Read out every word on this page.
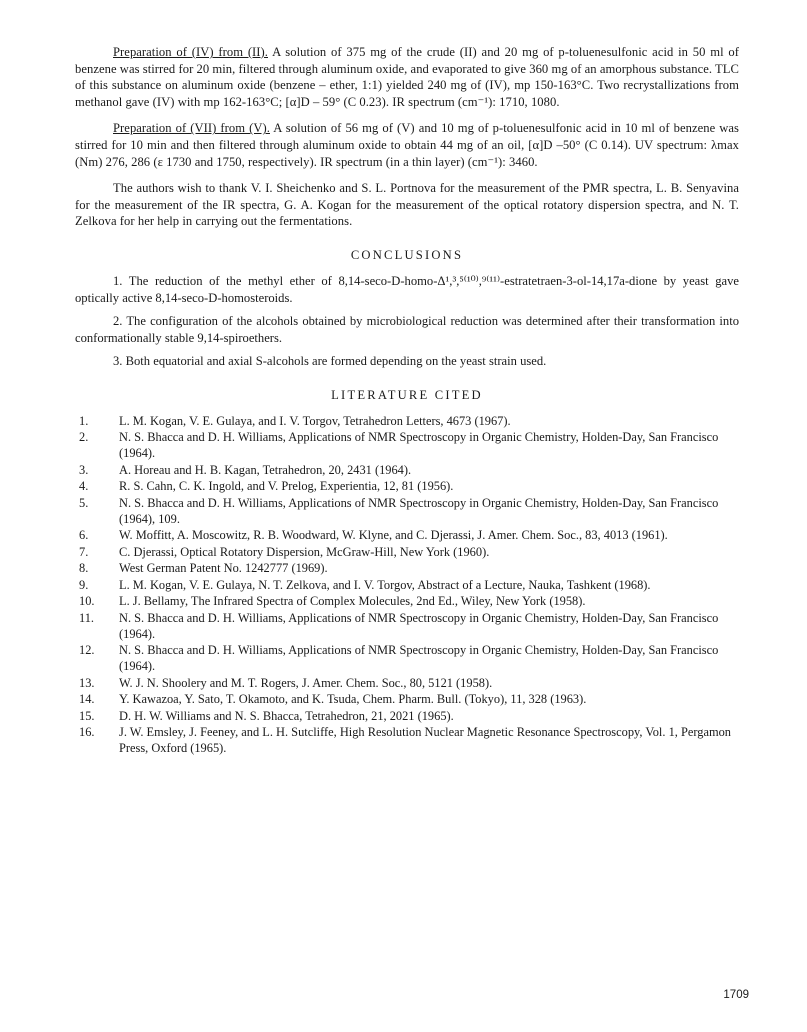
Preparation of (IV) from (II). A solution of 375 mg of the crude (II) and 20 mg of p-toluenesulfonic acid in 50 ml of benzene was stirred for 20 min, filtered through aluminum oxide, and evaporated to give 360 mg of an amorphous substance. TLC of this substance on aluminum oxide (benzene – ether, 1:1) yielded 240 mg of (IV), mp 150-163°C. Two recrystallizations from methanol gave (IV) with mp 162-163°C; [α]D – 59° (C 0.23). IR spectrum (cm⁻¹): 1710, 1080.

Preparation of (VII) from (V). A solution of 56 mg of (V) and 10 mg of p-toluenesulfonic acid in 10 ml of benzene was stirred for 10 min and then filtered through aluminum oxide to obtain 44 mg of an oil, [α]D –50° (C 0.14). UV spectrum: λmax (Nm) 276, 286 (ε 1730 and 1750, respectively). IR spectrum (in a thin layer) (cm⁻¹): 3460.

The authors wish to thank V. I. Sheichenko and S. L. Portnova for the measurement of the PMR spectra, L. B. Senyavina for the measurement of the IR spectra, G. A. Kogan for the measurement of the optical rotatory dispersion spectra, and N. T. Zelkova for her help in carrying out the fermentations.

CONCLUSIONS

1. The reduction of the methyl ether of 8,14-seco-D-homo-Δ¹,³,⁵⁽¹⁰⁾,⁹⁽¹¹⁾-estratetraen-3-ol-14,17a-dione by yeast gave optically active 8,14-seco-D-homosteroids.

2. The configuration of the alcohols obtained by microbiological reduction was determined after their transformation into conformationally stable 9,14-spiroethers.

3. Both equatorial and axial S-alcohols are formed depending on the yeast strain used.

LITERATURE CITED
1.	L. M. Kogan, V. E. Gulaya, and I. V. Torgov, Tetrahedron Letters, 4673 (1967).
2.	N. S. Bhacca and D. H. Williams, Applications of NMR Spectroscopy in Organic Chemistry, Holden-Day, San Francisco (1964).
3.	A. Horeau and H. B. Kagan, Tetrahedron, 20, 2431 (1964).
4.	R. S. Cahn, C. K. Ingold, and V. Prelog, Experientia, 12, 81 (1956).
5.	N. S. Bhacca and D. H. Williams, Applications of NMR Spectroscopy in Organic Chemistry, Holden-Day, San Francisco (1964), 109.
6.	W. Moffitt, A. Moscowitz, R. B. Woodward, W. Klyne, and C. Djerassi, J. Amer. Chem. Soc., 83, 4013 (1961).
7.	C. Djerassi, Optical Rotatory Dispersion, McGraw-Hill, New York (1960).
8.	West German Patent No. 1242777 (1969).
9.	L. M. Kogan, V. E. Gulaya, N. T. Zelkova, and I. V. Torgov, Abstract of a Lecture, Nauka, Tashkent (1968).
10.	L. J. Bellamy, The Infrared Spectra of Complex Molecules, 2nd Ed., Wiley, New York (1958).
11.	N. S. Bhacca and D. H. Williams, Applications of NMR Spectroscopy in Organic Chemistry, Holden-Day, San Francisco (1964).
12.	N. S. Bhacca and D. H. Williams, Applications of NMR Spectroscopy in Organic Chemistry, Holden-Day, San Francisco (1964).
13.	W. J. N. Shoolery and M. T. Rogers, J. Amer. Chem. Soc., 80, 5121 (1958).
14.	Y. Kawazoa, Y. Sato, T. Okamoto, and K. Tsuda, Chem. Pharm. Bull. (Tokyo), 11, 328 (1963).
15.	D. H. W. Williams and N. S. Bhacca, Tetrahedron, 21, 2021 (1965).
16.	J. W. Emsley, J. Feeney, and L. H. Sutcliffe, High Resolution Nuclear Magnetic Resonance Spectroscopy, Vol. 1, Pergamon Press, Oxford (1965).
1709
